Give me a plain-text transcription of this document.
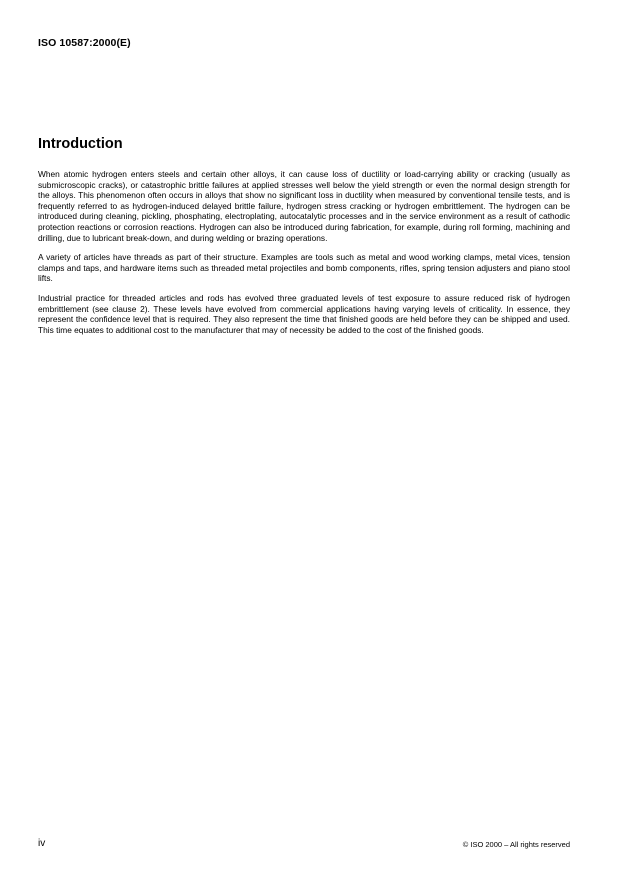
ISO 10587:2000(E)
Introduction

When atomic hydrogen enters steels and certain other alloys, it can cause loss of ductility or load-carrying ability or cracking (usually as submicroscopic cracks), or catastrophic brittle failures at applied stresses well below the yield strength or even the normal design strength for the alloys. This phenomenon often occurs in alloys that show no significant loss in ductility when measured by conventional tensile tests, and is frequently referred to as hydrogen-induced delayed brittle failure, hydrogen stress cracking or hydrogen embrittlement. The hydrogen can be introduced during cleaning, pickling, phosphating, electroplating, autocatalytic processes and in the service environment as a result of cathodic protection reactions or corrosion reactions. Hydrogen can also be introduced during fabrication, for example, during roll forming, machining and drilling, due to lubricant break-down, and during welding or brazing operations.

A variety of articles have threads as part of their structure. Examples are tools such as metal and wood working clamps, metal vices, tension clamps and taps, and hardware items such as threaded metal projectiles and bomb components, rifles, spring tension adjusters and piano stool lifts.

Industrial practice for threaded articles and rods has evolved three graduated levels of test exposure to assure reduced risk of hydrogen embrittlement (see clause 2). These levels have evolved from commercial applications having varying levels of criticality. In essence, they represent the confidence level that is required. They also represent the time that finished goods are held before they can be shipped and used. This time equates to additional cost to the manufacturer that may of necessity be added to the cost of the finished goods.

iv	© ISO 2000 – All rights reserved
